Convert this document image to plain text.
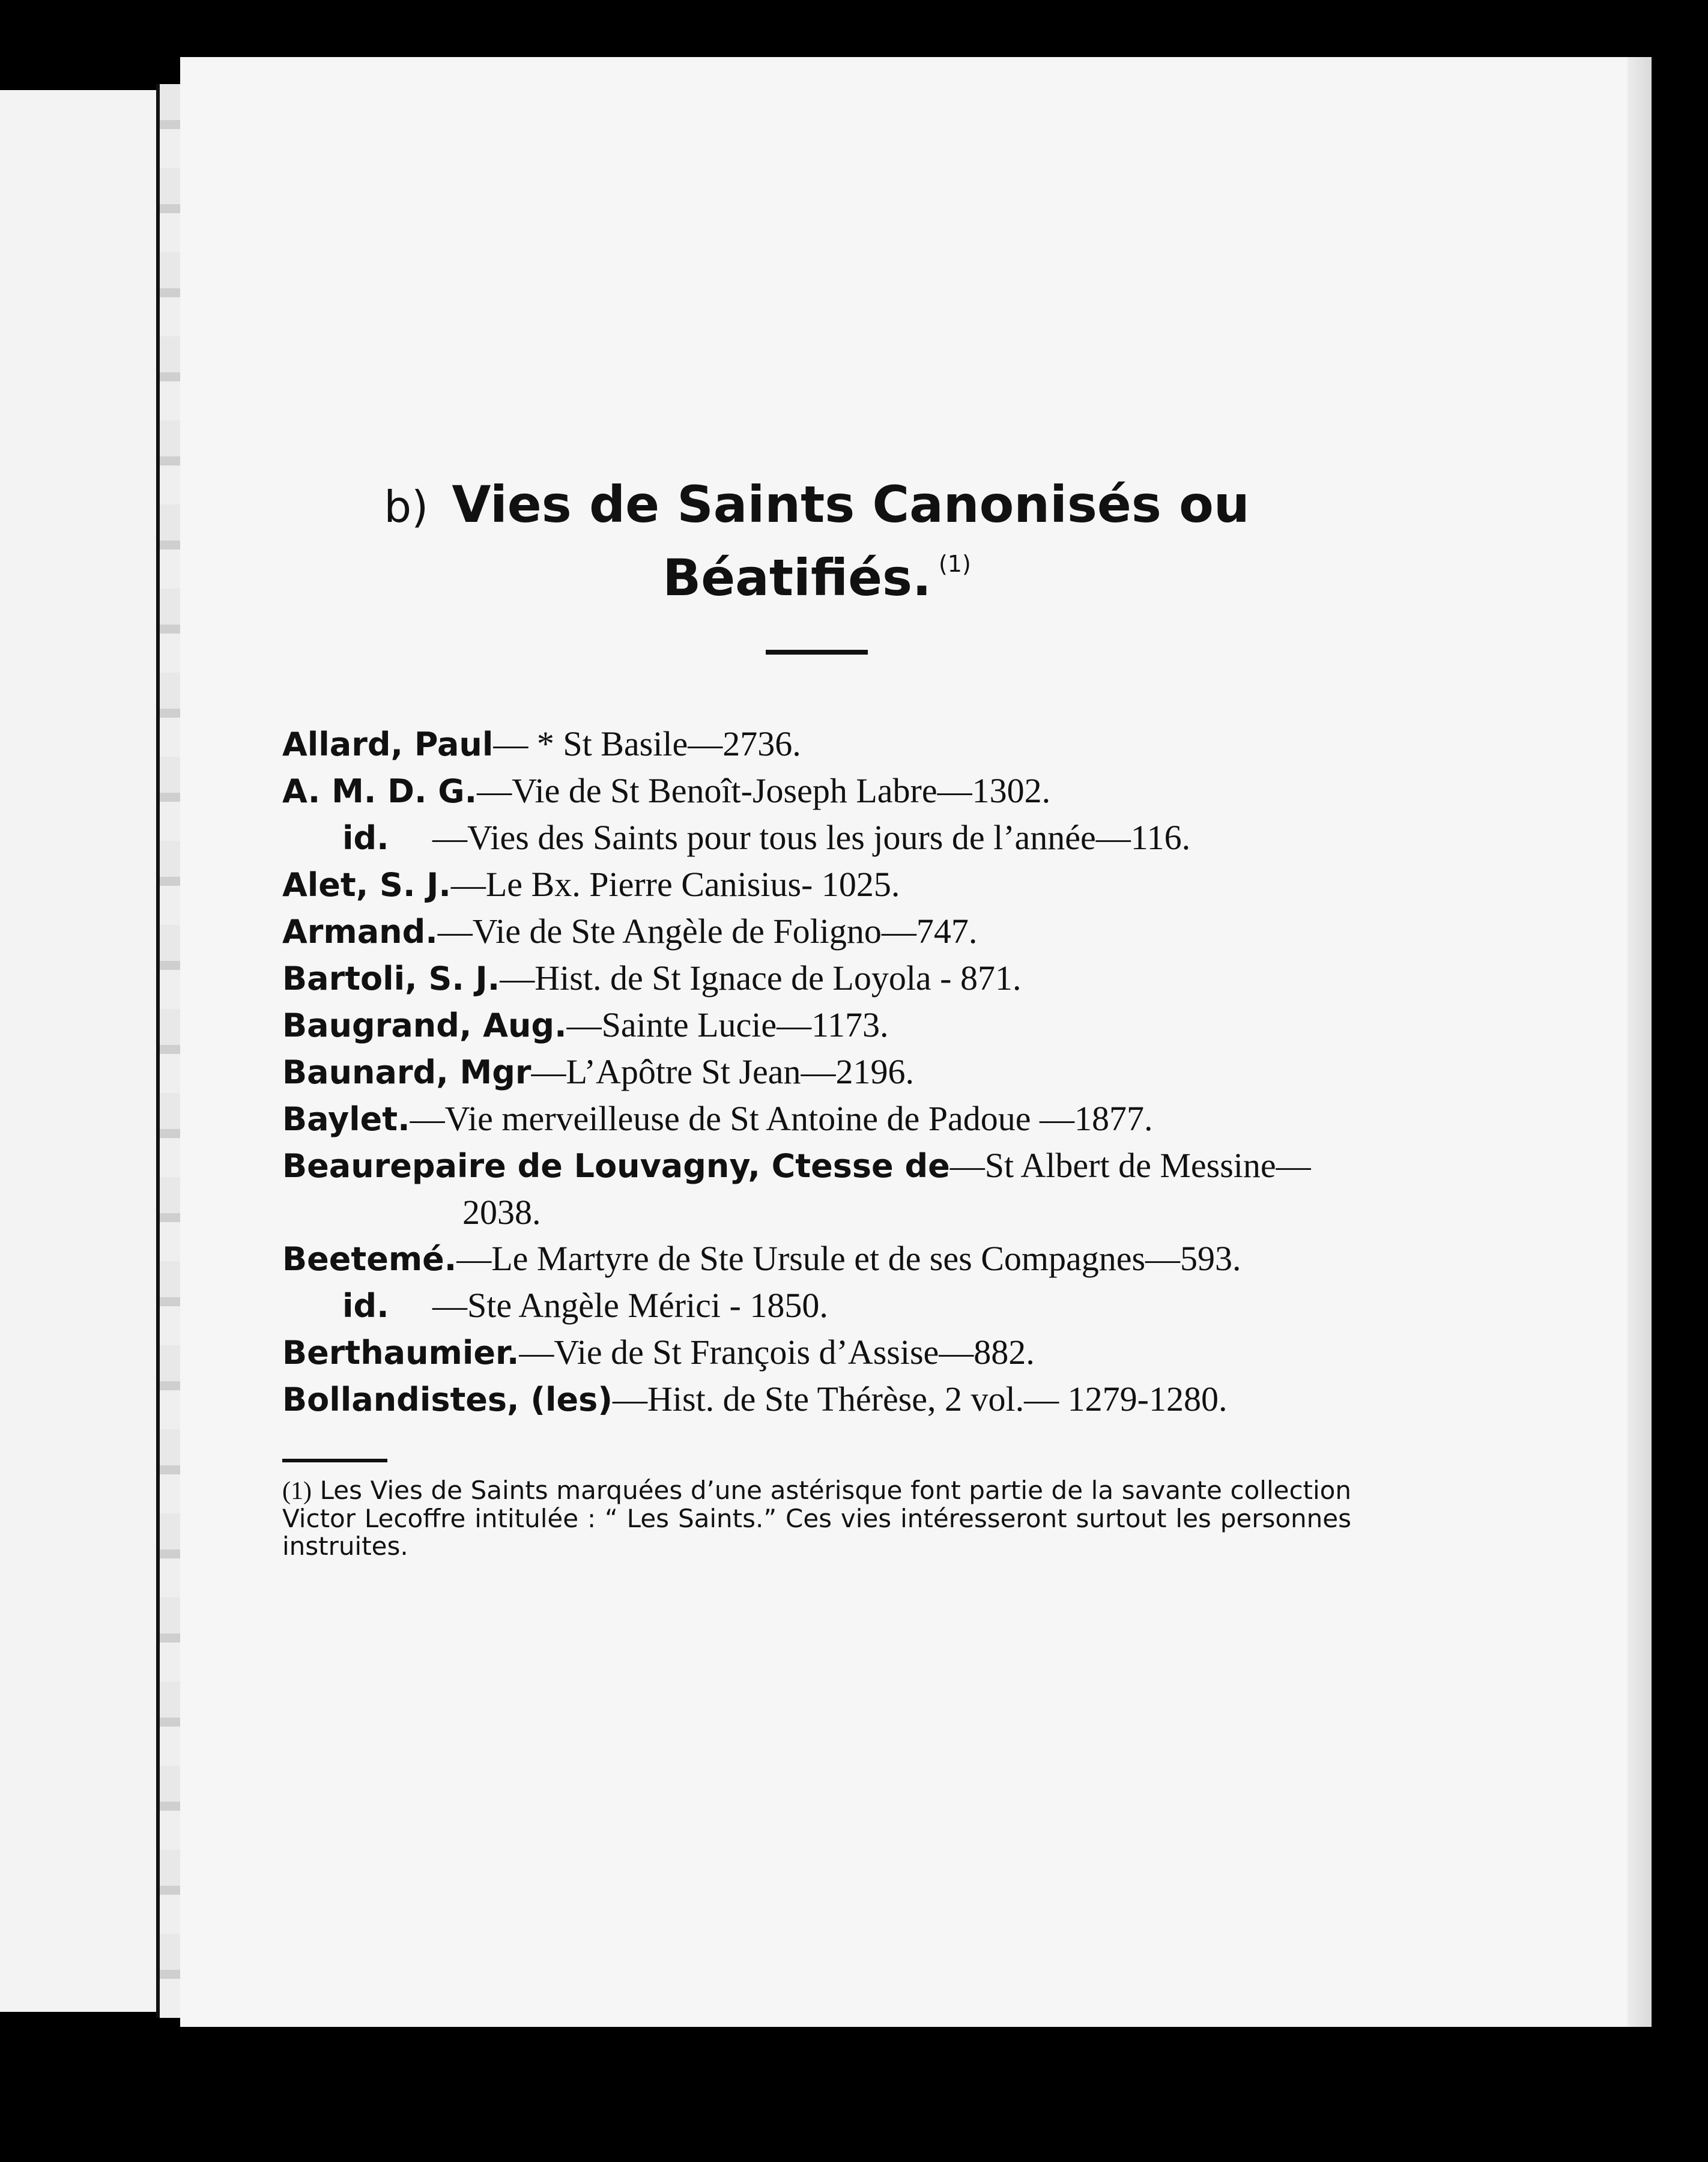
b) Vies de Saints Canonisés ou
Béatifiés. $^{(1)}$
Allard, Paul— * St Basile—2736.
A. M. D. G.—Vie de St Benoît-Joseph Labre—1302.
id. —Vies des Saints pour tous les jours de l’année—116.
Alet, S. J.—Le Bx. Pierre Canisius- 1025.
Armand.—Vie de Ste Angèle de Foligno—747.
Bartoli, S. J.—Hist. de St Ignace de Loyola - 871.
Baugrand, Aug.—Sainte Lucie—1173.
Baunard, Mgr—L’Apôtre St Jean—2196.
Baylet.—Vie merveilleuse de St Antoine de Padoue —1877.
Beaurepaire de Louvagny, Ctesse de—St Albert de Messine—2038.
Beetemé.—Le Martyre de Ste Ursule et de ses Compagnes—593.
id. —Ste Angèle Mérici - 1850.
Berthaumier.—Vie de St François d’Assise—882.
Bollandistes, (les)—Hist. de Ste Thérèse, 2 vol.— 1279-1280.

(1) Les Vies de Saints marquées d’une astérisque font partie de la savante collection Victor Lecoffre intitulée : “ Les Saints.” Ces vies intéresseront surtout les personnes instruites.
